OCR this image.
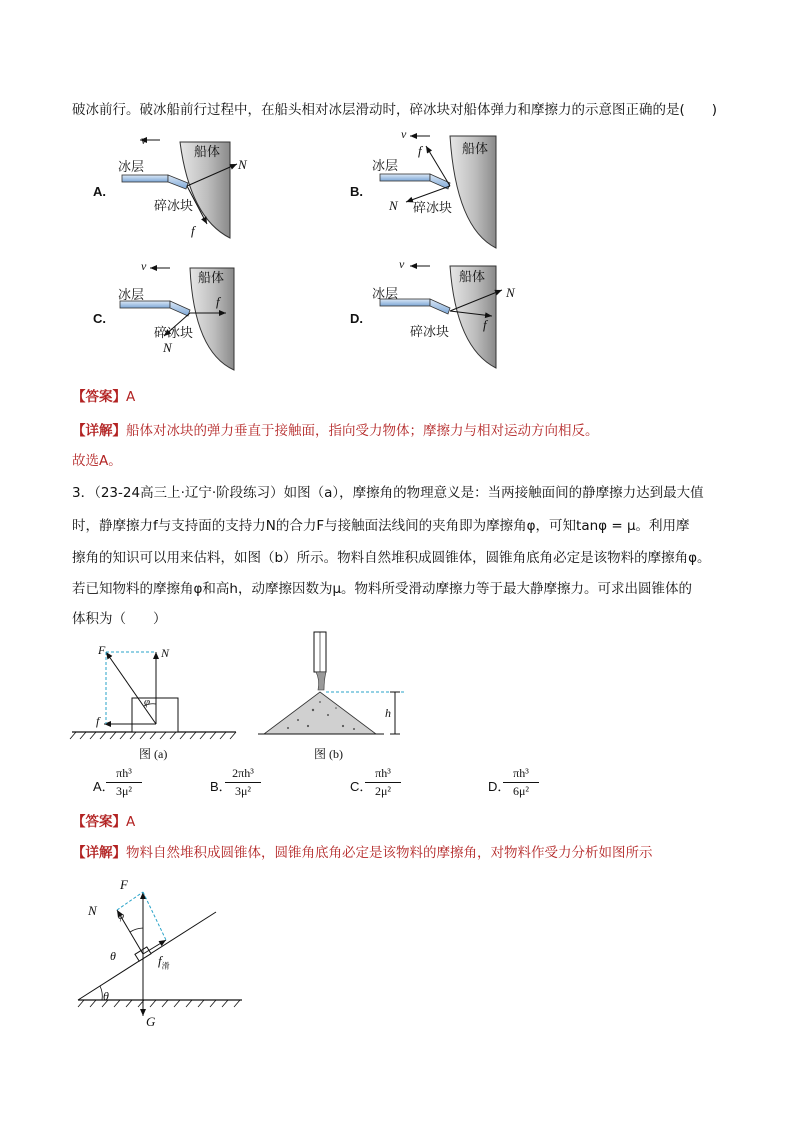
破冰前行。破冰船前行过程中，在船头相对冰层滑动时，碎冰块对船体弹力和摩擦力的示意图正确的是(　　)
A.
v
冰层
船体
碎冰块
N
f
B.
v
冰层
船体
碎冰块
N
f
C.
v
冰层
船体
碎冰块
N
f
D.
v
冰层
船体
碎冰块
N
f
【答案】A
【详解】船体对冰块的弹力垂直于接触面，指向受力物体；摩擦力与相对运动方向相反。
故选A。
3．（23-24高三上·辽宁·阶段练习）如图（a），摩擦角的物理意义是：当两接触面间的静摩擦力达到最大值
时，静摩擦力f与支持面的支持力N的合力F与接触面法线间的夹角即为摩擦角φ，可知tanφ = μ。利用摩
擦角的知识可以用来估料，如图（b）所示。物料自然堆积成圆锥体，圆锥角底角必定是该物料的摩擦角φ。
若已知物料的摩擦角φ和高h，动摩擦因数为μ。物料所受滑动摩擦力等于最大静摩擦力。可求出圆锥体的
体积为（　　）
F	N
f
φ
图 (a)
h
图 (b)
A．
$\frac{\text{πh³}}{\text{3μ²}}$	B．
$\frac{\text{2πh³}}{\text{3μ²}}$	C．
$\frac{\text{πh³}}{\text{2μ²}}$	D．
$\frac{\text{πh³}}{\text{6μ²}}$
【答案】A
【详解】物料自然堆积成圆锥体，圆锥角底角必定是该物料的摩擦角，对物料作受力分析如图所示
F
N φ
θ
θ
$f_滑$
G
